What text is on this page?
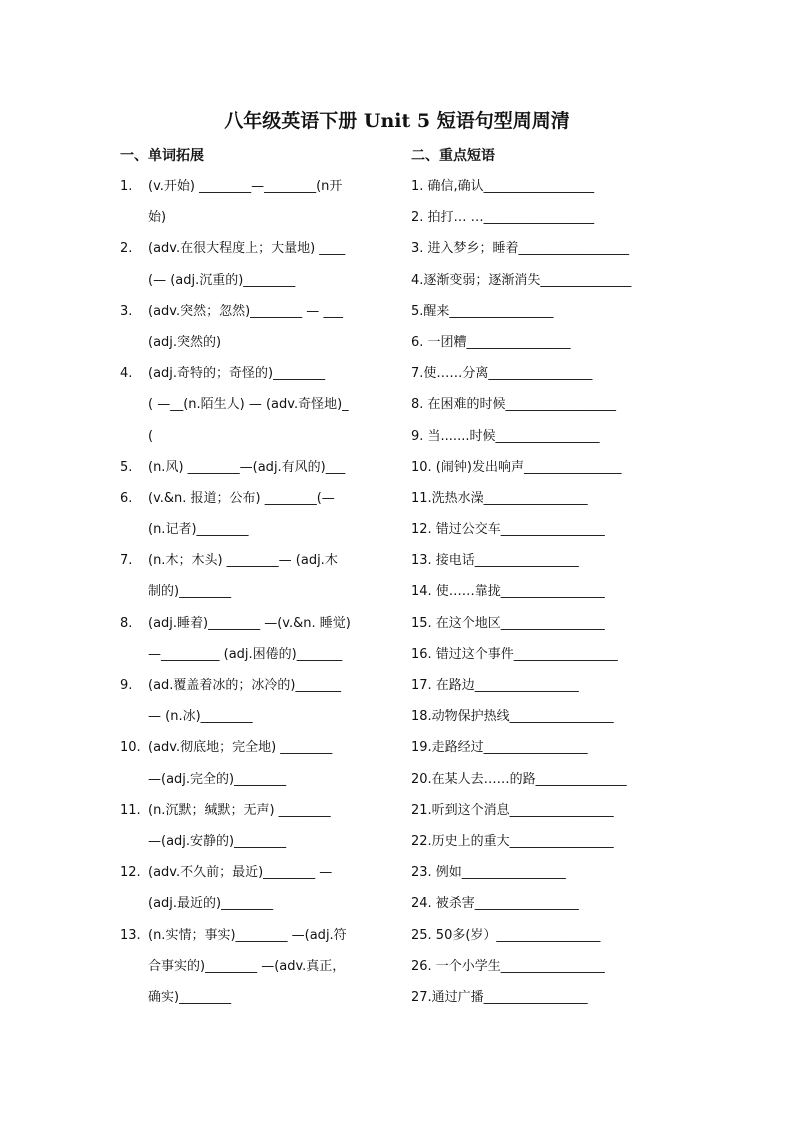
八年级英语下册 Unit 5 短语句型周周清
一、单词拓展	二、重点短语
1. (v.开始) ________—________(n开
始)
2. (adv.在很大程度上；大量地) ____
(— (adj.沉重的)________
3. (adv.突然；忽然)________ — ___
(adj.突然的)
4. (adj.奇特的；奇怪的)________
( —__(n.陌生人) — (adv.奇怪地)_
(
5. (n.风) ________—(adj.有风的)___
6. (v.&n. 报道；公布) ________(—
(n.记者)________
7. (n.木；木头) ________— (adj.木
制的)________
8. (adj.睡着)________ —(v.&n. 睡觉)
—_________ (adj.困倦的)_______
9. (ad.覆盖着冰的；冰冷的)_______
— (n.冰)________
10. (adv.彻底地；完全地) ________
—(adj.完全的)________
11. (n.沉默；缄默；无声) ________
—(adj.安静的)________
12. (adv.不久前；最近)________ —
(adj.最近的)________
13. (n.实情；事实)________ —(adj.符
合事实的)________ —(adv.真正，
确实)________
1. 确信,确认_________________
2. 拍打… …_________________
3. 进入梦乡；睡着_________________
4.逐渐变弱；逐渐消失______________
5.醒来________________
6. 一团糟________________
7.使……分离________________
8. 在困难的时候_________________
9. 当.......时候________________
10. (闹钟)发出响声_______________
11.洗热水澡________________
12. 错过公交车________________
13. 接电话________________
14. 使……靠拢________________
15. 在这个地区________________
16. 错过这个事件________________
17. 在路边________________
18.动物保护热线________________
19.走路经过________________
20.在某人去……的路______________
21.听到这个消息________________
22.历史上的重大________________
23. 例如________________
24. 被杀害________________
25. 50多(岁）________________
26. 一个小学生________________
27.通过广播________________
